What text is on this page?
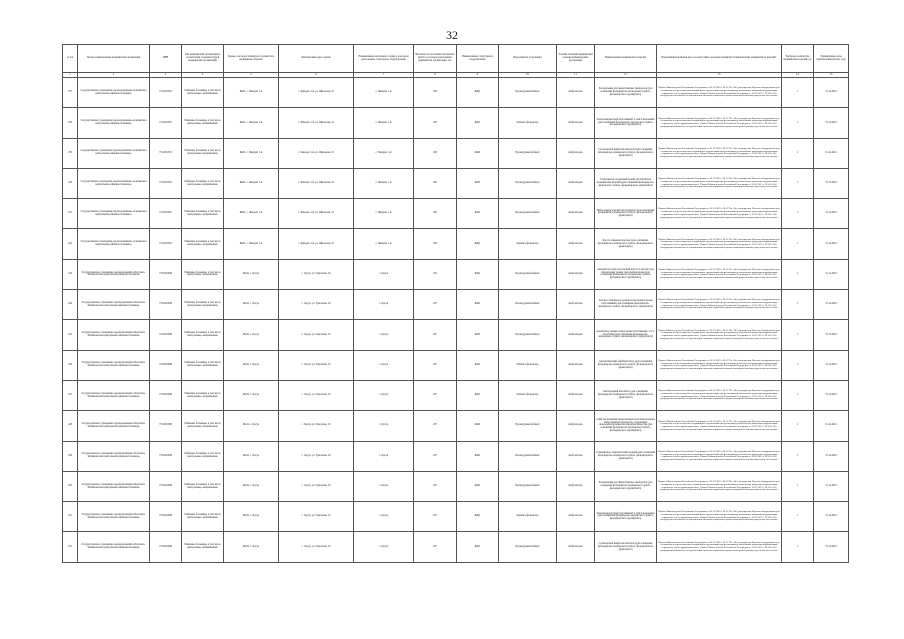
32
№ п/п	Полное наименование медицинской организации	ИНН	Тип медицинской организации в соответствии с номенклатурой медицинских организаций	Здание, в котором планируется разместить медицинское изделие	Фактический адрес здания	Наименование населенного пункта, в котором расположено структурное подразделение	Численность населения населенного пункта, в котором расположено медицинская организация, чел.	Наименование структурного подразделения	Вид кабинета (отделения)	Условия оказания медицинской помощи (наименование программы)	Наименование медицинского изделия	Нормативный правовой акт, в соответствии с которым планируется приобретение медицинского изделия*	Требуемое количество медицинских изделий, ед.	Планируемые даты приобретения (месяц, год)
1	2	3	4	5	6	7	8	9	10	11	12	13	14	15
237	Государственное учреждение здравоохранения «Аленинская центральная районная больница»	7511001953	Районные больницы, в том числе центральные, межрайонные	ФАП, с. Чиндант 1-й	с. Чиндант 1-й, ул. Школьная, 16	с. Чиндант 1-й	918	ФАП	Процедурный кабинет	Амбулаторно	Холодильник для лекарственных препаратов (для оснащения фельдшерско-акушерского пункта, фельдшерского здравпункта)	Приказ Министерства Российской Федерации от 30.12.2020 г. № 1179н «Об утверждении Перечня оборудования для оснащения и переоснащения медицинских организаций при реализации региональных программ модернизации первичного звена здравоохранения», Приказ Министерства Российской Федерации от 15.05.2012 г. № 543 «Об утверждении положения об организации оказания первичной медико-санитарной помощи взрослому населению»	1	31.12.2022
238	Государственное учреждение здравоохранения «Аленинская центральная районная больница»	7511001953	Районные больницы, в том числе центральные, межрайонные	ФАП, с. Чиндант 1-й	с. Чиндант 1-й, ул. Школьная, 16	с. Чиндант 1-й	918	ФАП	Кабинет фельдшера	Амбулаторно	Электрокардиограф портативный 3- или 6-канальный (для оснащения фельдшерско-акушерского пункта, фельдшерского здравпункта)	Приказ Министерства Российской Федерации от 30.12.2020 г. № 1179н «Об утверждении Перечня оборудования для оснащения и переоснащения медицинских организаций при реализации региональных программ модернизации первичного звена здравоохранения», Приказ Министерства Российской Федерации от 15.05.2012 г. № 543 «Об утверждении положения об организации оказания первичной медико-санитарной помощи взрослому населению»	1	31.12.2022
239	Государственное учреждение здравоохранения «Аленинская центральная районная больница»	7511001953	Районные больницы, в том числе центральные, межрайонные	ФАП, с. Чиндант 1-й	с. Чиндант 1-й, ул. Школьная, 16	с. Чиндант 1-й	918	ФАП	Процедурный кабинет	Амбулаторно	Сухожаровой шкаф или автоклав (для оснащения фельдшерско-акушерского пункта, фельдшерского здравпункта)	Приказ Министерства Российской Федерации от 30.12.2020 г. № 1179н «Об утверждении Перечня оборудования для оснащения и переоснащения медицинских организаций при реализации региональных программ модернизации первичного звена здравоохранения», Приказ Министерства Российской Федерации от 15.05.2012 г. № 543 «Об утверждении положения об организации оказания первичной медико-санитарной помощи взрослому населению»	1	31.12.2022
240	Государственное учреждение здравоохранения «Аленинская центральная районная больница»	7511001953	Районные больницы, в том числе центральные, межрайонные	ФАП, с. Чиндант 1-й	с. Чиндант 1-й, ул. Школьная, 16	с. Чиндант 1-й	918	ФАП	Процедурный кабинет	Амбулаторно	Стерилизатор термохимический для обработки медицинских изделий (для оснащения фельдшерско-акушерского пункта, фельдшерского здравпункта)	Приказ Министерства Российской Федерации от 30.12.2020 г. № 1179н «Об утверждении Перечня оборудования для оснащения и переоснащения медицинских организаций при реализации региональных программ модернизации первичного звена здравоохранения», Приказ Министерства Российской Федерации от 15.05.2012 г. № 543 «Об утверждении положения об организации оказания первичной медико-санитарной помощи взрослому населению»	1	31.12.2022
241	Государственное учреждение здравоохранения «Аленинская центральная районная больница»	7511001953	Районные больницы, в том числе центральные, межрайонные	ФАП, с. Чиндант 1-й	с. Чиндант 1-й, ул. Школьная, 16	с. Чиндант 1-й	918	ФАП	Процедурный кабинет	Амбулаторно	Набор хирургических инструментов (для оснащения фельдшерско-акушерского пункта, фельдшерского здравпункта)	Приказ Министерства Российской Федерации от 30.12.2020 г. № 1179н «Об утверждении Перечня оборудования для оснащения и переоснащения медицинских организаций при реализации региональных программ модернизации первичного звена здравоохранения», Приказ Министерства Российской Федерации от 15.05.2012 г. № 543 «Об утверждении положения об организации оказания первичной медико-санитарной помощи взрослому населению»	1	31.12.2022
242	Государственное учреждение здравоохранения «Аленинская центральная районная больница»	7511001953	Районные больницы, в том числе центральные, межрайонные	ФАП, с. Чиндант 1-й	с. Чиндант 1-й, ул. Школьная, 16	с. Чиндант 1-й	918	ФАП	Кабинет фельдшера	Амбулаторно	Кресло гинекологическое (для оснащения фельдшерско-акушерского пункта, фельдшерского здравпункта)	Приказ Министерства Российской Федерации от 30.12.2020 г. № 1179н «Об утверждении Перечня оборудования для оснащения и переоснащения медицинских организаций при реализации региональных программ модернизации первичного звена здравоохранения», Приказ Министерства Российской Федерации от 15.05.2012 г. № 543 «Об утверждении положения об организации оказания первичной медико-санитарной помощи взрослому населению»	1	31.12.2022
243	Государственное учреждение здравоохранения «Петровск-Забайкальская центральная районная больница»	7531001098	Районные больницы, в том числе центральные, межрайонные	ФАП, с. Орсук	с. Орсук, ул. Трактовая, 16	с. Орсук	207	ФАП	Процедурный кабинет	Амбулаторно	Анализатор гематологический или тест-система для определения уровня гемоглобина крови (для оснащения фельдшерско-акушерского пункта, фельдшерского здравпункта)	Приказ Министерства Российской Федерации от 30.12.2020 г. № 1179н «Об утверждении Перечня оборудования для оснащения и переоснащения медицинских организаций при реализации региональных программ модернизации первичного звена здравоохранения», Приказ Министерства Российской Федерации от 15.05.2012 г. № 543 «Об утверждении положения об организации оказания первичной медико-санитарной помощи взрослому населению»	1	31.12.2022
244	Государственное учреждение здравоохранения «Петровск-Забайкальская центральная районная больница»	7531001098	Районные больницы, в том числе центральные, межрайонные	ФАП, с. Орсук	с. Орсук, ул. Трактовая, 16	с. Орсук	207	ФАП	Процедурный кабинет	Амбулаторно	Экспресс-анализатор уровня холестерина в крови портативный (для оснащения фельдшерско-акушерского пункта, фельдшерского здравпункта)	Приказ Министерства Российской Федерации от 30.12.2020 г. № 1179н «Об утверждении Перечня оборудования для оснащения и переоснащения медицинских организаций при реализации региональных программ модернизации первичного звена здравоохранения», Приказ Министерства Российской Федерации от 15.05.2012 г. № 543 «Об утверждении положения об организации оказания первичной медико-санитарной помощи взрослому населению»	1	31.12.2022
245	Государственное учреждение здравоохранения «Петровск-Забайкальская центральная районная больница»	7531001098	Районные больницы, в том числе центральные, межрайонные	ФАП, с. Орсук	с. Орсук, ул. Трактовая, 16	с. Орсук	207	ФАП	Процедурный кабинет	Амбулаторно	Анализатор уровня сахара крови портативный с тест-полосками (для оснащения фельдшерско-акушерского пункта, фельдшерского здравпункта)	Приказ Министерства Российской Федерации от 30.12.2020 г. № 1179н «Об утверждении Перечня оборудования для оснащения и переоснащения медицинских организаций при реализации региональных программ модернизации первичного звена здравоохранения», Приказ Министерства Российской Федерации от 15.05.2012 г. № 543 «Об утверждении положения об организации оказания первичной медико-санитарной помощи взрослому населению»	1	31.12.2022
246	Государственное учреждение здравоохранения «Петровск-Забайкальская центральная районная больница»	7531001098	Районные больницы, в том числе центральные, межрайонные	ФАП, с. Орсук	с. Орсук, ул. Трактовая, 16	с. Орсук	207	ФАП	Кабинет фельдшера	Амбулаторно	Автоматический дефибриллятор (для оснащения фельдшерско-акушерского пункта, фельдшерского здравпункта)	Приказ Министерства Российской Федерации от 30.12.2020 г. № 1179н «Об утверждении Перечня оборудования для оснащения и переоснащения медицинских организаций при реализации региональных программ модернизации первичного звена здравоохранения», Приказ Министерства Российской Федерации от 15.05.2012 г. № 543 «Об утверждении положения об организации оказания первичной медико-санитарной помощи взрослому населению»	1	31.12.2022
247	Государственное учреждение здравоохранения «Петровск-Забайкальская центральная районная больница»	7531001098	Районные больницы, в том числе центральные, межрайонные	ФАП, с. Орсук	с. Орсук, ул. Трактовая, 16	с. Орсук	207	ФАП	Кабинет фельдшера	Амбулаторно	Кислородный ингалятор (для оснащения фельдшерско-акушерского пункта, фельдшерского здравпункта)	Приказ Министерства Российской Федерации от 30.12.2020 г. № 1179н «Об утверждении Перечня оборудования для оснащения и переоснащения медицинских организаций при реализации региональных программ модернизации первичного звена здравоохранения», Приказ Министерства Российской Федерации от 15.05.2012 г. № 543 «Об утверждении положения об организации оказания первичной медико-санитарной помощи взрослому населению»	1	31.12.2022
248	Государственное учреждение здравоохранения «Петровск-Забайкальская центральная районная больница»	7531001098	Районные больницы, в том числе центральные, межрайонные	ФАП, с. Орсук	с. Орсук, ул. Трактовая, 16	с. Орсук	207	ФАП	Процедурный кабинет	Амбулаторно	Сейф для хранения лекарственных или психотропных лекарственных препаратов, содержащих сильнодействующие или ядовитые вещества (для оснащения фельдшерско-акушерского пункта, фельдшерского здравпункта)	Приказ Министерства Российской Федерации от 30.12.2020 г. № 1179н «Об утверждении Перечня оборудования для оснащения и переоснащения медицинских организаций при реализации региональных программ модернизации первичного звена здравоохранения», Приказ Министерства Российской Федерации от 15.05.2012 г. № 543 «Об утверждении положения об организации оказания первичной медико-санитарной помощи взрослому населению»	1	31.12.2022
249	Государственное учреждение здравоохранения «Петровск-Забайкальская центральная районная больница»	7531001098	Районные больницы, в том числе центральные, межрайонные	ФАП, с. Орсук	с. Орсук, ул. Трактовая, 16	с. Орсук	207	ФАП	Процедурный кабинет	Амбулаторно	Стерилизатор электрический средний (для оснащения фельдшерско-акушерского пункта, фельдшерского здравпункта)	Приказ Министерства Российской Федерации от 30.12.2020 г. № 1179н «Об утверждении Перечня оборудования для оснащения и переоснащения медицинских организаций при реализации региональных программ модернизации первичного звена здравоохранения», Приказ Министерства Российской Федерации от 15.05.2012 г. № 543 «Об утверждении положения об организации оказания первичной медико-санитарной помощи взрослому населению»	1	31.12.2022
250	Государственное учреждение здравоохранения «Петровск-Забайкальская центральная районная больница»	7531001098	Районные больницы, в том числе центральные, межрайонные	ФАП, с. Орсук	с. Орсук, ул. Трактовая, 16	с. Орсук	207	ФАП	Процедурный кабинет	Амбулаторно	Холодильник для лекарственных препаратов (для оснащения фельдшерско-акушерского пункта, фельдшерского здравпункта)	Приказ Министерства Российской Федерации от 30.12.2020 г. № 1179н «Об утверждении Перечня оборудования для оснащения и переоснащения медицинских организаций при реализации региональных программ модернизации первичного звена здравоохранения», Приказ Министерства Российской Федерации от 15.05.2012 г. № 543 «Об утверждении положения об организации оказания первичной медико-санитарной помощи взрослому населению»	1	31.12.2022
251	Государственное учреждение здравоохранения «Петровск-Забайкальская центральная районная больница»	7531001098	Районные больницы, в том числе центральные, межрайонные	ФАП, с. Орсук	с. Орсук, ул. Трактовая, 16	с. Орсук	207	ФАП	Кабинет фельдшера	Амбулаторно	Электрокардиограф портативный 3- или 6-канальный (для оснащения фельдшерско-акушерского пункта, фельдшерского здравпункта)	Приказ Министерства Российской Федерации от 30.12.2020 г. № 1179н «Об утверждении Перечня оборудования для оснащения и переоснащения медицинских организаций при реализации региональных программ модернизации первичного звена здравоохранения», Приказ Министерства Российской Федерации от 15.05.2012 г. № 543 «Об утверждении положения об организации оказания первичной медико-санитарной помощи взрослому населению»	1	31.12.2022
252	Государственное учреждение здравоохранения «Петровск-Забайкальская центральная районная больница»	7531001098	Районные больницы, в том числе центральные, межрайонные	ФАП, с. Орсук	с. Орсук, ул. Трактовая, 16	с. Орсук	207	ФАП	Процедурный кабинет	Амбулаторно	Сухожаровой шкаф или автоклав (для оснащения фельдшерско-акушерского пункта, фельдшерского здравпункта)	Приказ Министерства Российской Федерации от 30.12.2020 г. № 1179н «Об утверждении Перечня оборудования для оснащения и переоснащения медицинских организаций при реализации региональных программ модернизации первичного звена здравоохранения», Приказ Министерства Российской Федерации от 15.05.2012 г. № 543 «Об утверждении положения об организации оказания первичной медико-санитарной помощи взрослому населению»	1	31.12.2022
